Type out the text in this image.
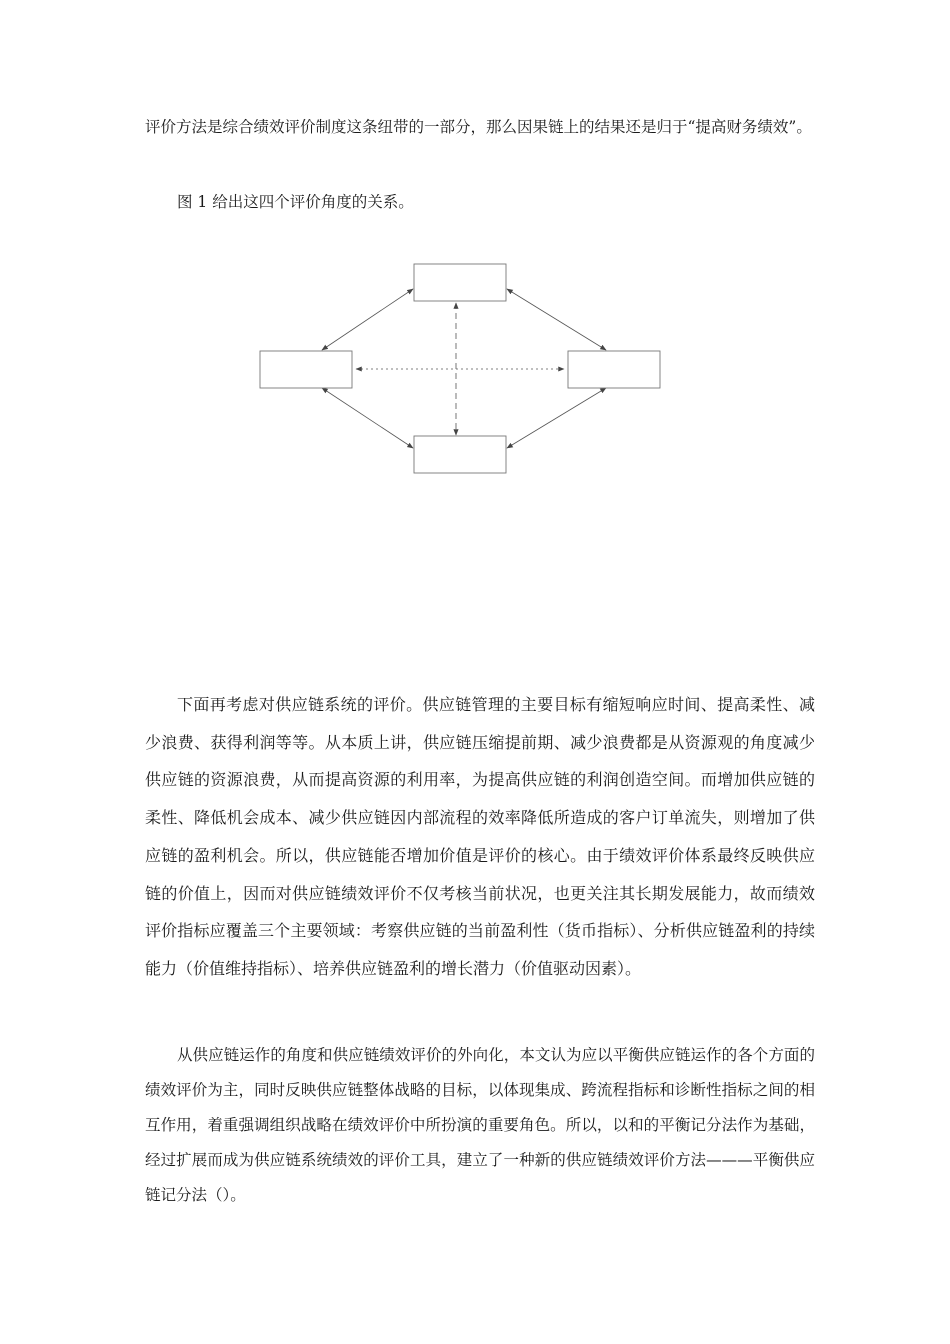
评价方法是综合绩效评价制度这条纽带的一部分，那么因果链上的结果还是归于“提高财务绩效”。

图 1 给出这四个评价角度的关系。

下面再考虑对供应链系统的评价。供应链管理的主要目标有缩短响应时间、提高柔性、减少浪费、获得利润等等。从本质上讲，供应链压缩提前期、减少浪费都是从资源观的角度减少供应链的资源浪费，从而提高资源的利用率，为提高供应链的利润创造空间。而增加供应链的柔性、降低机会成本、减少供应链因内部流程的效率降低所造成的客户订单流失，则增加了供应链的盈利机会。所以，供应链能否增加价值是评价的核心。由于绩效评价体系最终反映供应链的价值上，因而对供应链绩效评价不仅考核当前状况，也更关注其长期发展能力，故而绩效评价指标应覆盖三个主要领域：考察供应链的当前盈利性（货币指标）、分析供应链盈利的持续能力（价值维持指标）、培养供应链盈利的增长潜力（价值驱动因素）。

从供应链运作的角度和供应链绩效评价的外向化，本文认为应以平衡供应链运作的各个方面的绩效评价为主，同时反映供应链整体战略的目标，以体现集成、跨流程指标和诊断性指标之间的相互作用，着重强调组织战略在绩效评价中所扮演的重要角色。所以，以和的平衡记分法作为基础，经过扩展而成为供应链系统绩效的评价工具，建立了一种新的供应链绩效评价方法———平衡供应链记分法（）。
